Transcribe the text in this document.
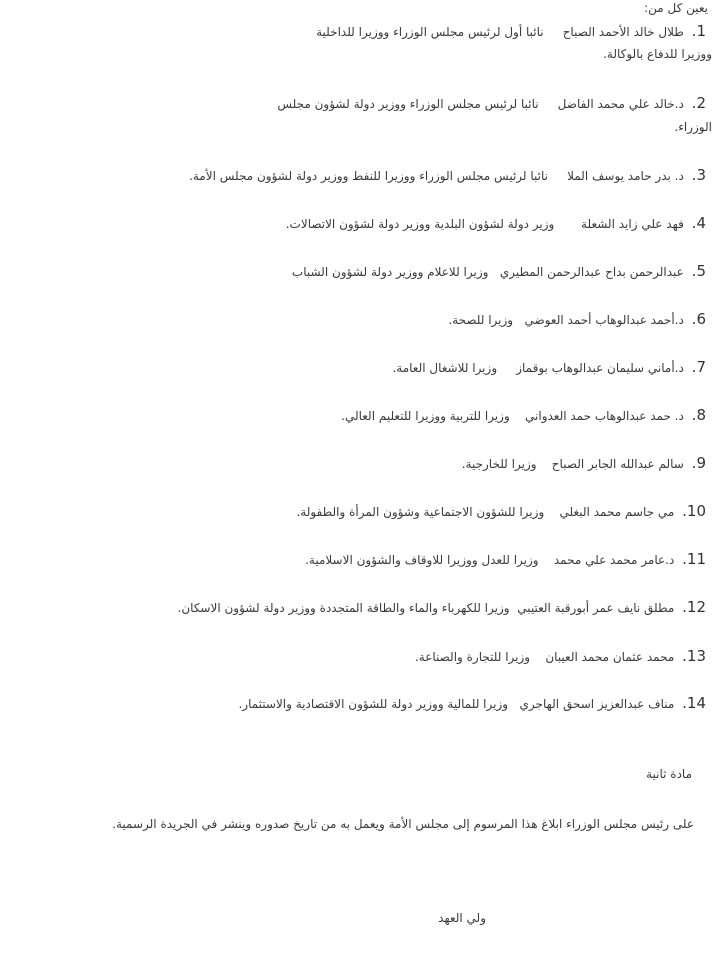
يعين كل من:
1. طلال خالد الأحمد الصباح     نائبا أول لرئيس مجلس الوزراء ووزيرا للداخلية
ووزيرا للدفاع بالوكالة.
2. د.خالد علي محمد الفاضل     نائبا لرئيس مجلس الوزراء ووزير دولة لشؤون مجلس
الوزراء.
3. د. بدر حامد يوسف الملا     نائبا لرئيس مجلس الوزراء ووزيرا للنفط ووزير دولة لشؤون مجلس الأمة.
4. فهد علي زايد الشعلة       وزير دولة لشؤون البلدية ووزير دولة لشؤون الاتصالات.
5. عبدالرحمن بداح عبدالرحمن المطيري   وزيرا للاعلام ووزير دولة لشؤون الشباب
6. د.أحمد عبدالوهاب أحمد العوضي   وزيرا للصحة.
7. د.أماني سليمان عبدالوهاب بوقماز     وزيرا للاشغال العامة.
8. د. حمد عبدالوهاب حمد العدواني    وزيرا للتربية ووزيرا للتعليم العالي.
9. سالم عبدالله الجابر الصباح    وزيرا للخارجية.
10. مي جاسم محمد البغلي    وزيرا للشؤون الاجتماعية وشؤون المرأة والطفولة.
11. د.عامر محمد علي محمد    وزيرا للعدل ووزيرا للاوقاف والشؤون الاسلامية.
12. مطلق نايف عمر أبورقبة العتيبي  وزيرا للكهرباء والماء والطاقة المتجددة ووزير دولة لشؤون الاسكان.
13. محمد عثمان محمد العيبان    وزيرا للتجارة والصناعة.
14. مناف عبدالعزيز اسحق الهاجري   وزيرا للمالية ووزير دولة للشؤون الاقتصادية والاستثمار.
مادة ثانية
على رئيس مجلس الوزراء ابلاغ هذا المرسوم إلى مجلس الأمة ويعمل به من تاريخ صدوره وينشر في الجريدة الرسمية.
ولي العهد
